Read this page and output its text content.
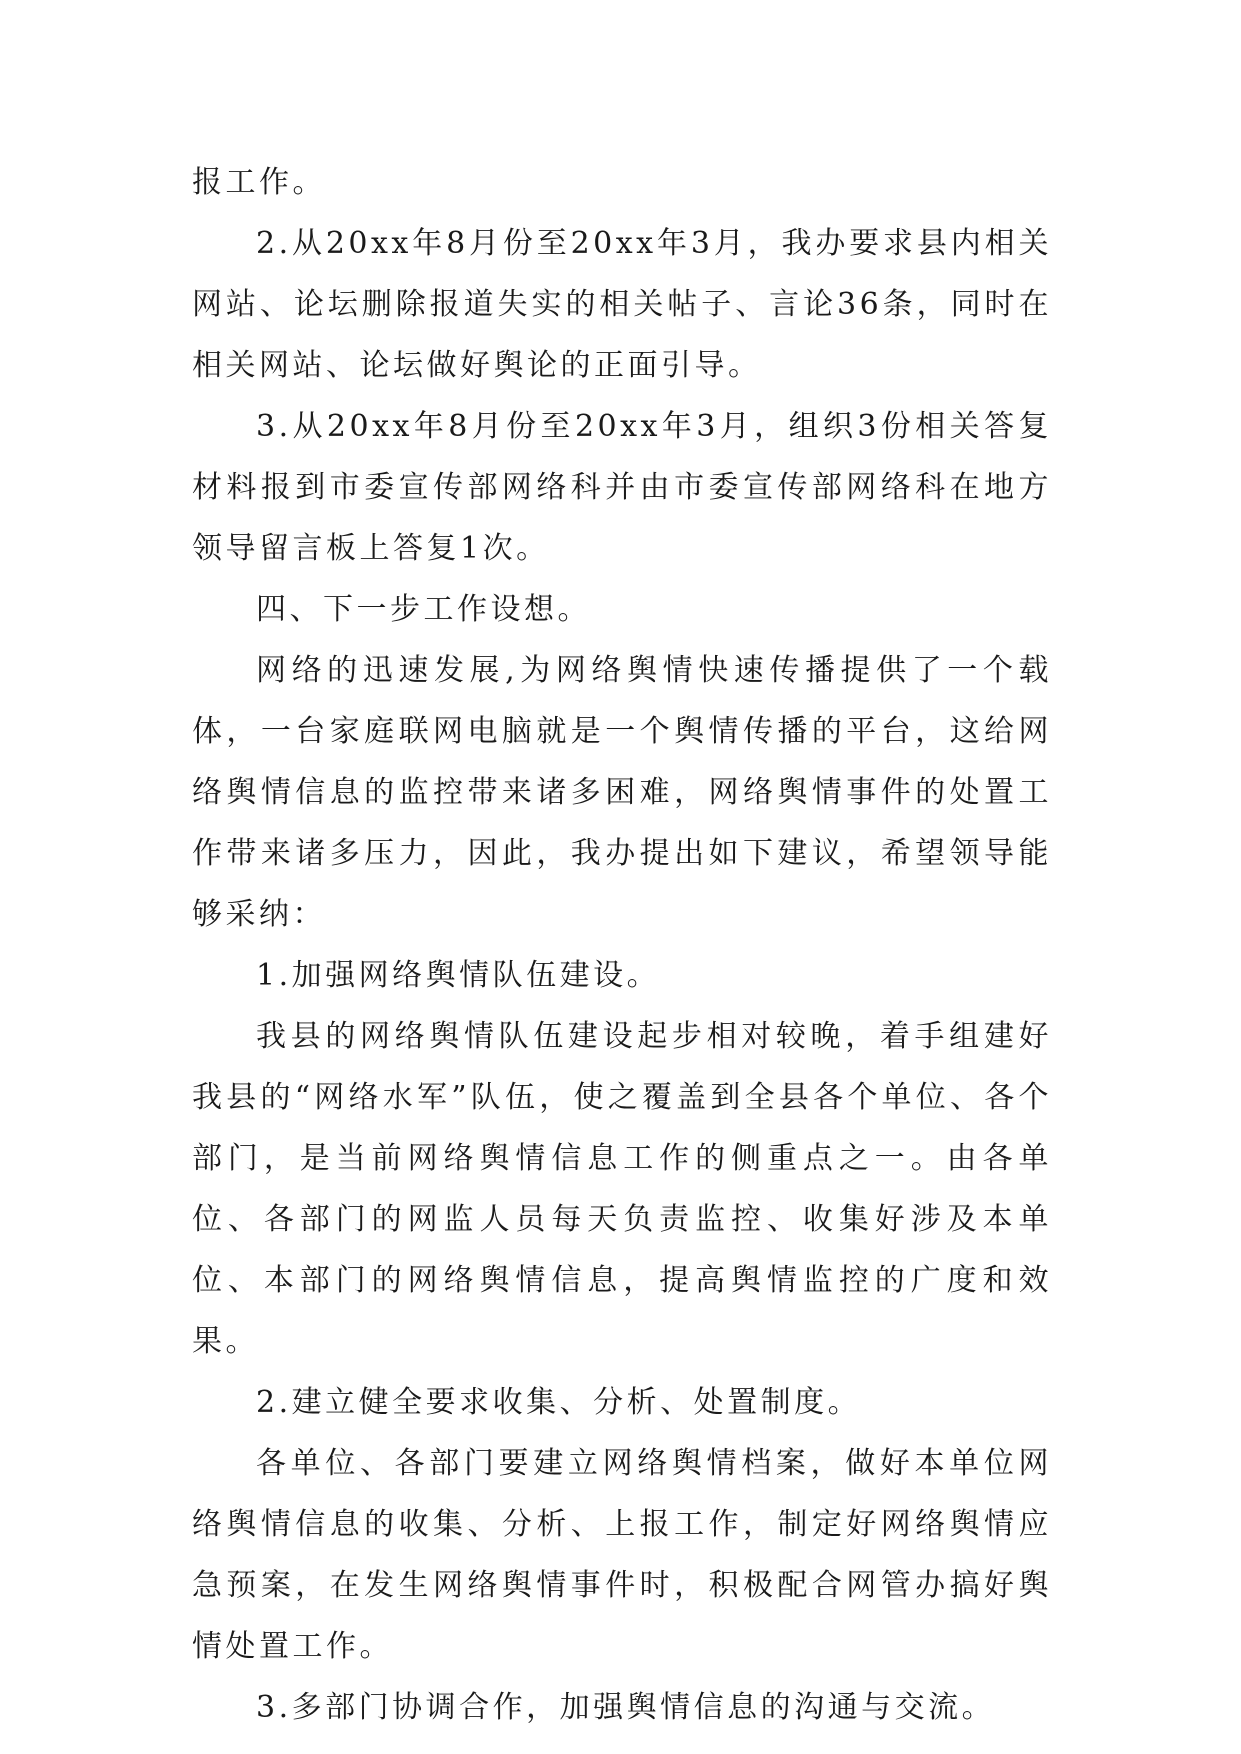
报工作。

2.从20xx年8月份至20xx年3月，我办要求县内相关网站、论坛删除报道失实的相关帖子、言论36条，同时在相关网站、论坛做好舆论的正面引导。

3.从20xx年8月份至20xx年3月，组织3份相关答复材料报到市委宣传部网络科并由市委宣传部网络科在地方领导留言板上答复1次。

四、下一步工作设想。

网络的迅速发展,为网络舆情快速传播提供了一个载体，一台家庭联网电脑就是一个舆情传播的平台，这给网络舆情信息的监控带来诸多困难，网络舆情事件的处置工作带来诸多压力，因此，我办提出如下建议，希望领导能够采纳：

1.加强网络舆情队伍建设。

我县的网络舆情队伍建设起步相对较晚，着手组建好我县的“网络水军”队伍，使之覆盖到全县各个单位、各个部门，是当前网络舆情信息工作的侧重点之一。由各单位、各部门的网监人员每天负责监控、收集好涉及本单位、本部门的网络舆情信息，提高舆情监控的广度和效果。

2.建立健全要求收集、分析、处置制度。

各单位、各部门要建立网络舆情档案，做好本单位网络舆情信息的收集、分析、上报工作，制定好网络舆情应急预案，在发生网络舆情事件时，积极配合网管办搞好舆情处置工作。

3.多部门协调合作，加强舆情信息的沟通与交流。
